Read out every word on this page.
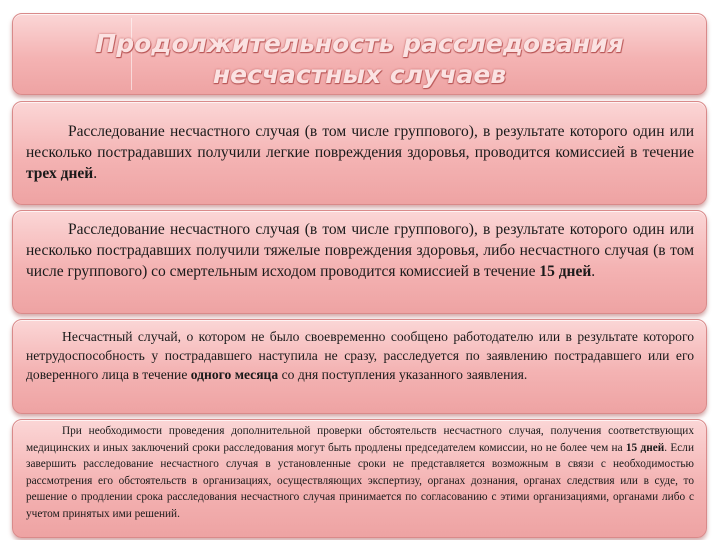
Продолжительность расследования несчастных случаев

Расследование несчастного случая (в том числе группового), в результате которого один или несколько пострадавших получили легкие повреждения здоровья, проводится комиссией в течение трех дней.

Расследование несчастного случая (в том числе группового), в результате которого один или несколько пострадавших получили тяжелые повреждения здоровья, либо несчастного случая (в том числе группового) со смертельным исходом проводится комиссией в течение 15 дней.

Несчастный случай, о котором не было своевременно сообщено работодателю или в результате которого нетрудоспособность у пострадавшего наступила не сразу, расследуется по заявлению пострадавшего или его доверенного лица в течение одного месяца со дня поступления указанного заявления.

При необходимости проведения дополнительной проверки обстоятельств несчастного случая, получения соответствующих медицинских и иных заключений сроки расследования могут быть продлены председателем комиссии, но не более чем на 15 дней. Если завершить расследование несчастного случая в установленные сроки не представляется возможным в связи с необходимостью рассмотрения его обстоятельств в организациях, осуществляющих экспертизу, органах дознания, органах следствия или в суде, то решение о продлении срока расследования несчастного случая принимается по согласованию с этими организациями, органами либо с учетом принятых ими решений.
